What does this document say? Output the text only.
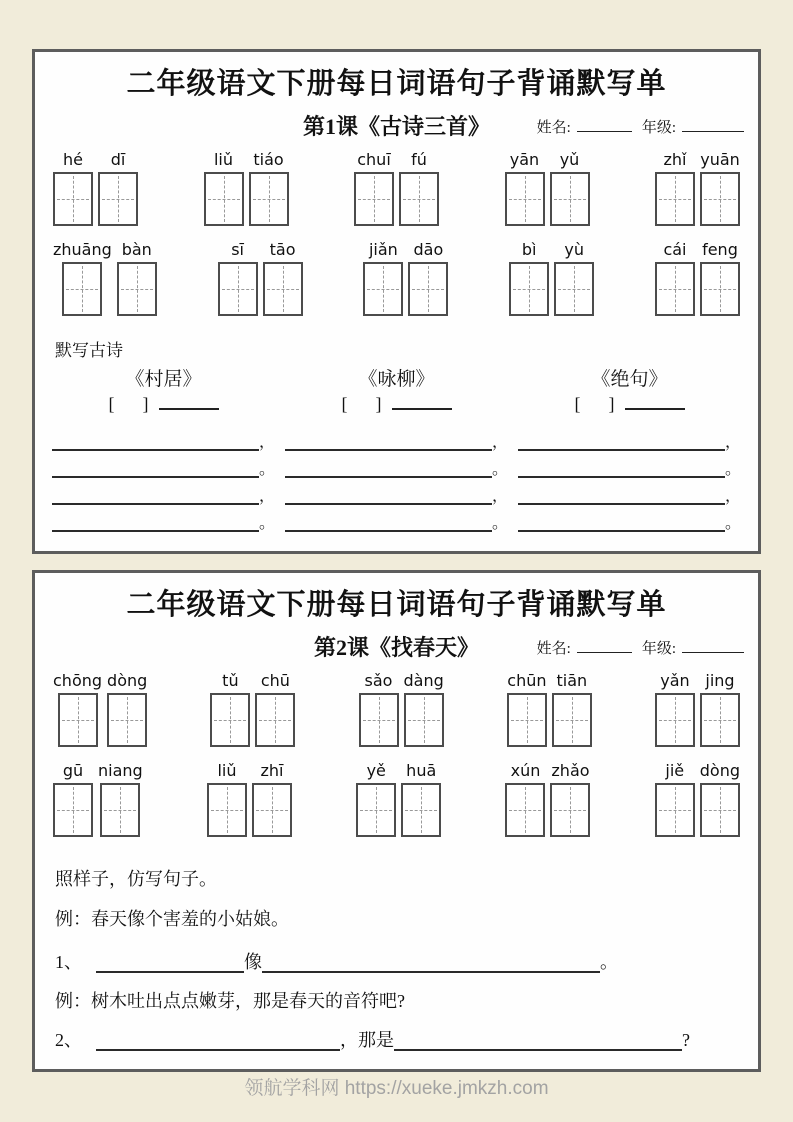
二年级语文下册每日词语句子背诵默写单
第1课《古诗三首》	姓名:	年级:
hé dī	liǔ tiáo	chuī fú	yān yǔ	zhǐ yuān
zhuāng bàn	sī tāo	jiǎn dāo	bì yù	cái feng
默写古诗
《村居》
[ ]
《咏柳》
[ ]
《绝句》
[ ]
，	，	，
。	。	。
，	，	，
。	。	。
二年级语文下册每日词语句子背诵默写单
第2课《找春天》	姓名:	年级:
chōng dòng	tǔ chū	sǎo dàng	chūn tiān	yǎn jing
gū niang	liǔ zhī	yě huā	xún zhǎo	jiě dòng
照样子，仿写句子。
例：春天像个害羞的小姑娘。
1、	像	。
例：树木吐出点点嫩芽，那是春天的音符吧?
2、	，那是	?
领航学科网 https://xueke.jmkzh.com
